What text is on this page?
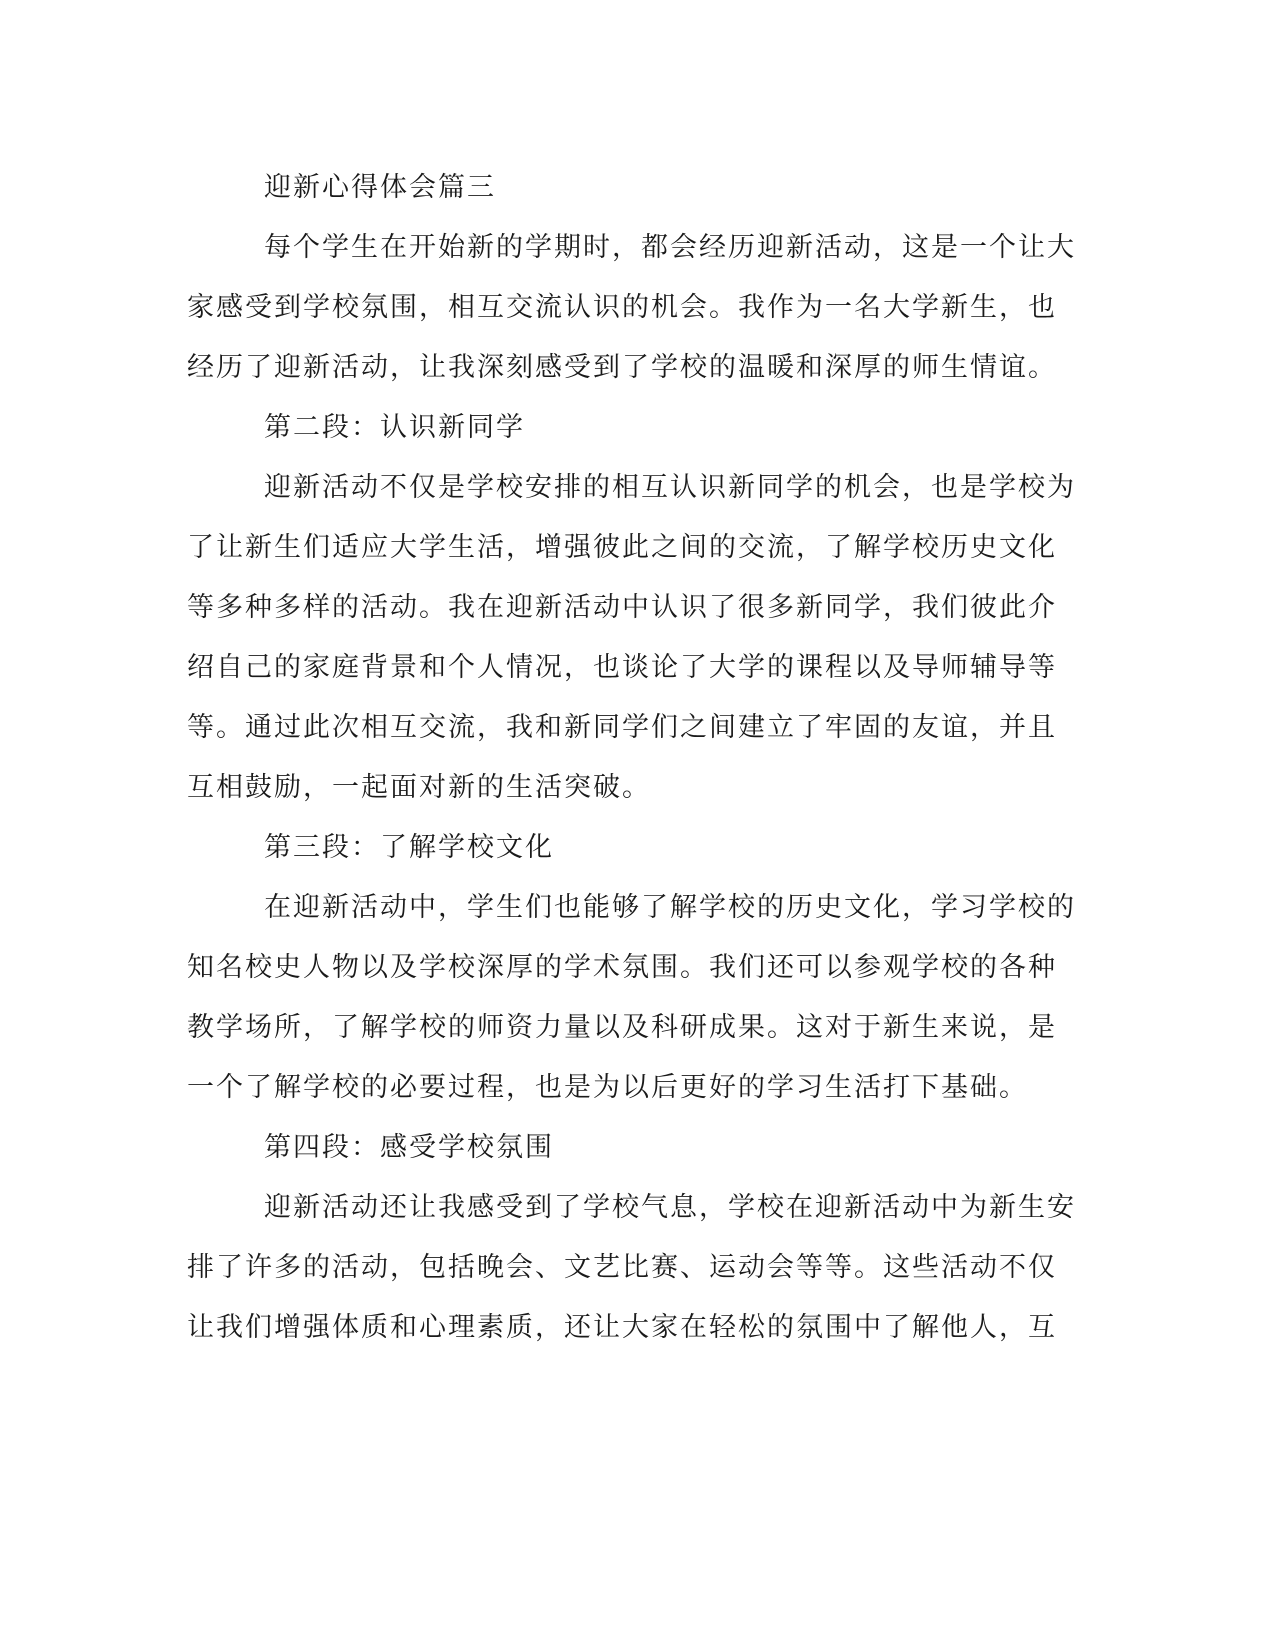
迎新心得体会篇三
每个学生在开始新的学期时，都会经历迎新活动，这是一个让大
家感受到学校氛围，相互交流认识的机会。我作为一名大学新生，也
经历了迎新活动，让我深刻感受到了学校的温暖和深厚的师生情谊。
第二段：认识新同学
迎新活动不仅是学校安排的相互认识新同学的机会，也是学校为
了让新生们适应大学生活，增强彼此之间的交流，了解学校历史文化
等多种多样的活动。我在迎新活动中认识了很多新同学，我们彼此介
绍自己的家庭背景和个人情况，也谈论了大学的课程以及导师辅导等
等。通过此次相互交流，我和新同学们之间建立了牢固的友谊，并且
互相鼓励，一起面对新的生活突破。
第三段：了解学校文化
在迎新活动中，学生们也能够了解学校的历史文化，学习学校的
知名校史人物以及学校深厚的学术氛围。我们还可以参观学校的各种
教学场所，了解学校的师资力量以及科研成果。这对于新生来说，是
一个了解学校的必要过程，也是为以后更好的学习生活打下基础。
第四段：感受学校氛围
迎新活动还让我感受到了学校气息，学校在迎新活动中为新生安
排了许多的活动，包括晚会、文艺比赛、运动会等等。这些活动不仅
让我们增强体质和心理素质，还让大家在轻松的氛围中了解他人，互
